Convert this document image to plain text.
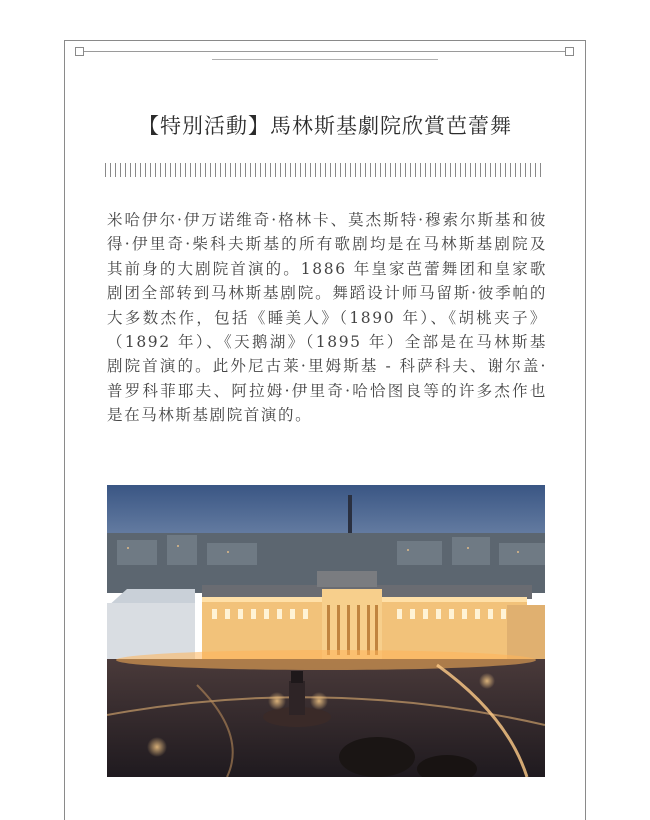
【特別活動】馬林斯基劇院欣賞芭蕾舞

米哈伊尔·伊万诺维奇·格林卡、莫杰斯特·穆索尔斯基和彼得·伊里奇·柴科夫斯基的所有歌剧均是在马林斯基剧院及其前身的大剧院首演的。1886 年皇家芭蕾舞团和皇家歌剧团全部转到马林斯基剧院。舞蹈设计师马留斯·彼季帕的大多数杰作，包括《睡美人》（1890 年）、《胡桃夹子》（1892 年）、《天鹅湖》（1895 年）全部是在马林斯基剧院首演的。此外尼古莱·里姆斯基 - 科萨科夫、谢尔盖·普罗科菲耶夫、阿拉姆·伊里奇·哈恰图良等的许多杰作也是在马林斯基剧院首演的。
